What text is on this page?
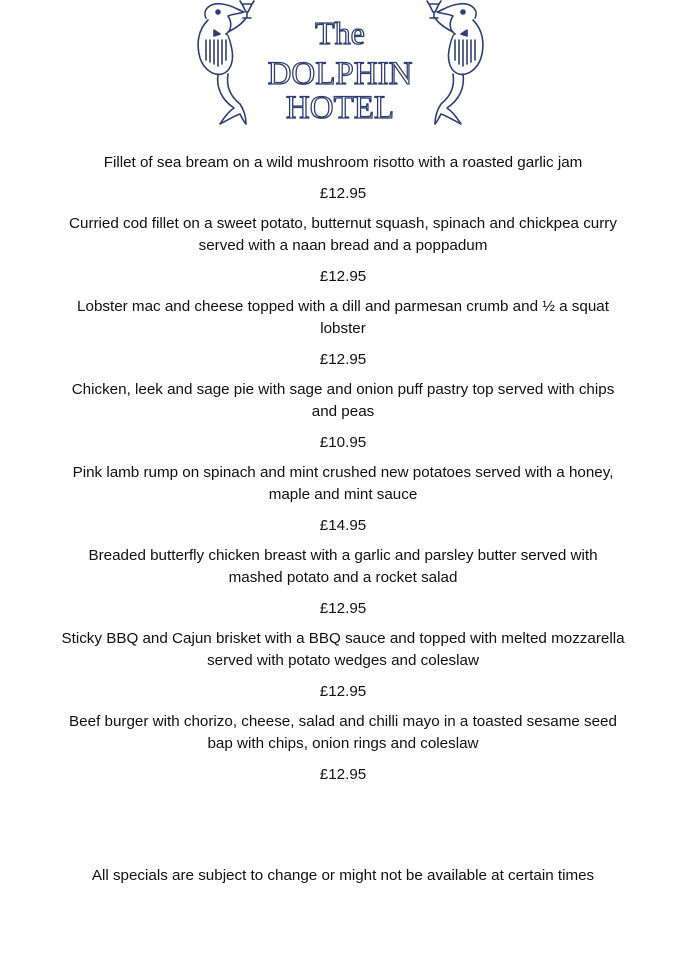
The
DOLPHIN
HOTEL

Fillet of sea bream on a wild mushroom risotto with a roasted garlic jam

£12.95

Curried cod fillet on a sweet potato, butternut squash, spinach and chickpea curry served with a naan bread and a poppadum

£12.95

Lobster mac and cheese topped with a dill and parmesan crumb and ½ a squat lobster

£12.95

Chicken, leek and sage pie with sage and onion puff pastry top served with chips and peas

£10.95

Pink lamb rump on spinach and mint crushed new potatoes served with a honey, maple and mint sauce

£14.95

Breaded butterfly chicken breast with a garlic and parsley butter served with mashed potato and a rocket salad

£12.95

Sticky BBQ and Cajun brisket with a BBQ sauce and topped with melted mozzarella served with potato wedges and coleslaw

£12.95

Beef burger with chorizo, cheese, salad and chilli mayo in a toasted sesame seed bap with chips, onion rings and coleslaw

£12.95

All specials are subject to change or might not be available at certain times
